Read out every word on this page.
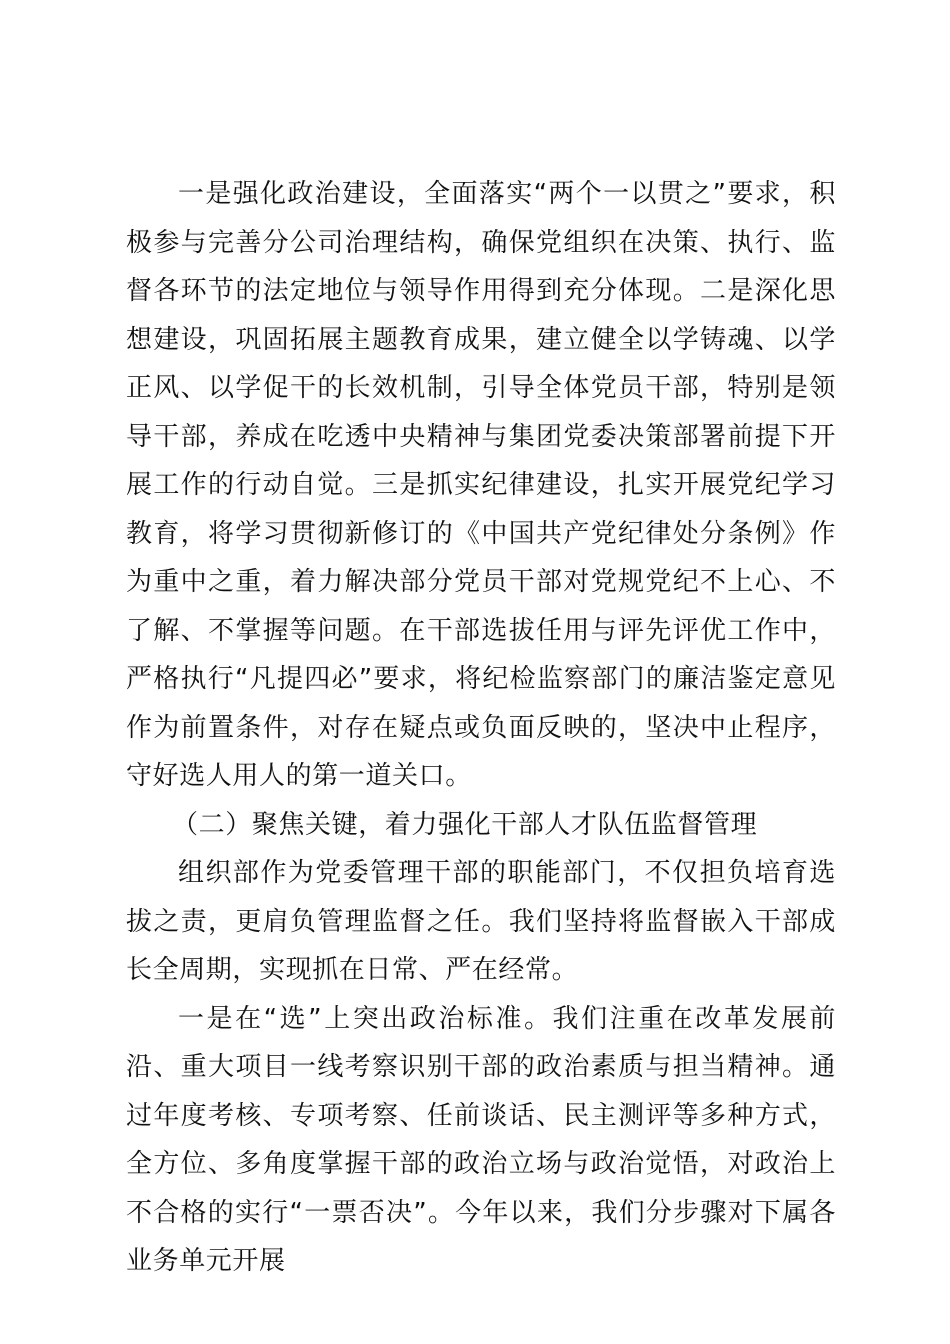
一是强化政治建设，全面落实“两个一以贯之”要求，积极参与完善分公司治理结构，确保党组织在决策、执行、监督各环节的法定地位与领导作用得到充分体现。二是深化思想建设，巩固拓展主题教育成果，建立健全以学铸魂、以学正风、以学促干的长效机制，引导全体党员干部，特别是领导干部，养成在吃透中央精神与集团党委决策部署前提下开展工作的行动自觉。三是抓实纪律建设，扎实开展党纪学习教育，将学习贯彻新修订的《中国共产党纪律处分条例》作为重中之重，着力解决部分党员干部对党规党纪不上心、不了解、不掌握等问题。在干部选拔任用与评先评优工作中，严格执行“凡提四必”要求，将纪检监察部门的廉洁鉴定意见作为前置条件，对存在疑点或负面反映的，坚决中止程序，守好选人用人的第一道关口。

（二）聚焦关键，着力强化干部人才队伍监督管理

组织部作为党委管理干部的职能部门，不仅担负培育选拔之责，更肩负管理监督之任。我们坚持将监督嵌入干部成长全周期，实现抓在日常、严在经常。

一是在“选”上突出政治标准。我们注重在改革发展前沿、重大项目一线考察识别干部的政治素质与担当精神。通过年度考核、专项考察、任前谈话、民主测评等多种方式，全方位、多角度掌握干部的政治立场与政治觉悟，对政治上不合格的实行“一票否决”。今年以来，我们分步骤对下属各业务单元开展
